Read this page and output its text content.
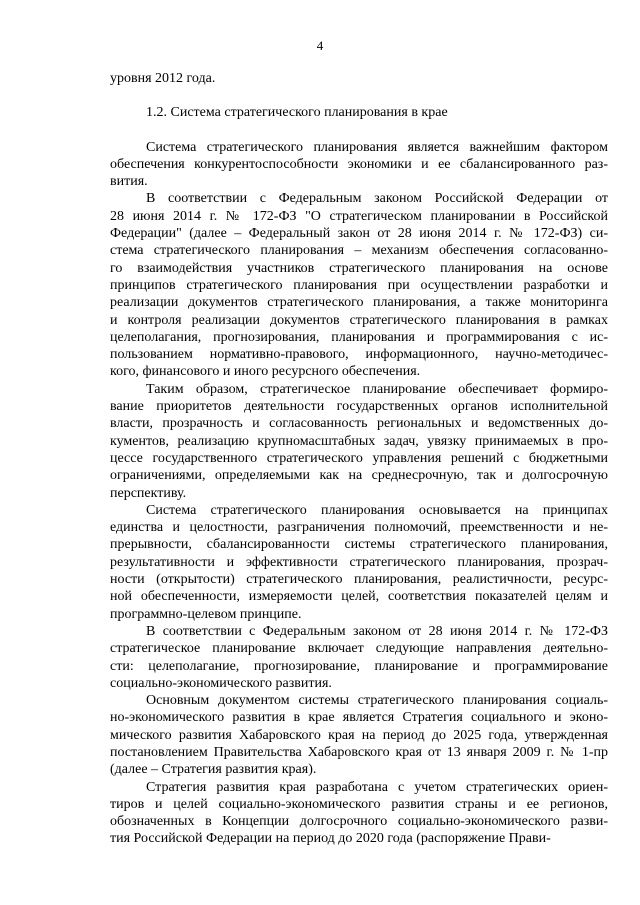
4
уровня 2012 года.
1.2. Система стратегического планирования в крае
Система стратегического планирования является важнейшим фактором
обеспечения конкурентоспособности экономики и ее сбалансированного раз-
вития.
В соответствии с Федеральным законом Российской Федерации от
28 июня 2014 г. № 172-ФЗ "О стратегическом планировании в Российской
Федерации" (далее – Федеральный закон от 28 июня 2014 г. № 172-ФЗ) си-
стема стратегического планирования – механизм обеспечения согласованно-
го взаимодействия участников стратегического планирования на основе
принципов стратегического планирования при осуществлении разработки и
реализации документов стратегического планирования, а также мониторинга
и контроля реализации документов стратегического планирования в рамках
целеполагания, прогнозирования, планирования и программирования с ис-
пользованием нормативно-правового, информационного, научно-методичес-
кого, финансового и иного ресурсного обеспечения.
Таким образом, стратегическое планирование обеспечивает формиро-
вание приоритетов деятельности государственных органов исполнительной
власти, прозрачность и согласованность региональных и ведомственных до-
кументов, реализацию крупномасштабных задач, увязку принимаемых в про-
цессе государственного стратегического управления решений с бюджетными
ограничениями, определяемыми как на среднесрочную, так и долгосрочную
перспективу.
Система стратегического планирования основывается на принципах
единства и целостности, разграничения полномочий, преемственности и не-
прерывности, сбалансированности системы стратегического планирования,
результативности и эффективности стратегического планирования, прозрач-
ности (открытости) стратегического планирования, реалистичности, ресурс-
ной обеспеченности, измеряемости целей, соответствия показателей целям и
программно-целевом принципе.
В соответствии с Федеральным законом от 28 июня 2014 г. № 172-ФЗ
стратегическое планирование включает следующие направления деятельно-
сти: целеполагание, прогнозирование, планирование и программирование
социально-экономического развития.
Основным документом системы стратегического планирования социаль-
но-экономического развития в крае является Стратегия социального и эконо-
мического развития Хабаровского края на период до 2025 года, утвержденная
постановлением Правительства Хабаровского края от 13 января 2009 г. № 1-пр
(далее – Стратегия развития края).
Стратегия развития края разработана с учетом стратегических ориен-
тиров и целей социально-экономического развития страны и ее регионов,
обозначенных в Концепции долгосрочного социально-экономического разви-
тия Российской Федерации на период до 2020 года (распоряжение Прави-
